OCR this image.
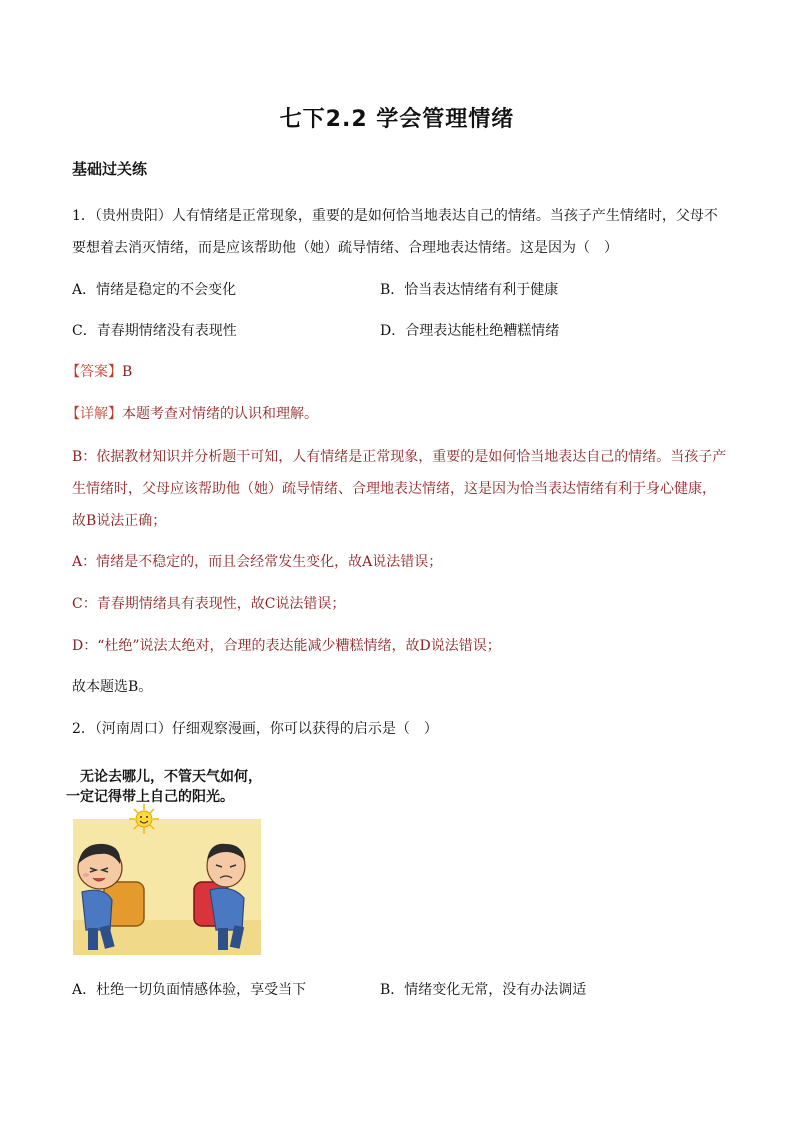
七下2.2 学会管理情绪
基础过关练
1．（贵州贵阳）人有情绪是正常现象，重要的是如何恰当地表达自己的情绪。当孩子产生情绪时，父母不
要想着去消灭情绪，而是应该帮助他（她）疏导情绪、合理地表达情绪。这是因为（　）
A．情绪是稳定的不会变化	B．恰当表达情绪有利于健康
C．青春期情绪没有表现性	D．合理表达能杜绝糟糕情绪
【答案】B
【详解】本题考查对情绪的认识和理解。
B：依据教材知识并分析题干可知，人有情绪是正常现象，重要的是如何恰当地表达自己的情绪。当孩子产
生情绪时，父母应该帮助他（她）疏导情绪、合理地表达情绪，这是因为恰当表达情绪有利于身心健康，
故B说法正确；
A：情绪是不稳定的，而且会经常发生变化，故A说法错误；
C：青春期情绪具有表现性，故C说法错误；
D：“杜绝”说法太绝对，合理的表达能减少糟糕情绪，故D说法错误；
故本题选B。
2．（河南周口）仔细观察漫画，你可以获得的启示是（　）
无论去哪儿，不管天气如何，
一定记得带上自己的阳光。
A．杜绝一切负面情感体验，享受当下	B．情绪变化无常，没有办法调适
